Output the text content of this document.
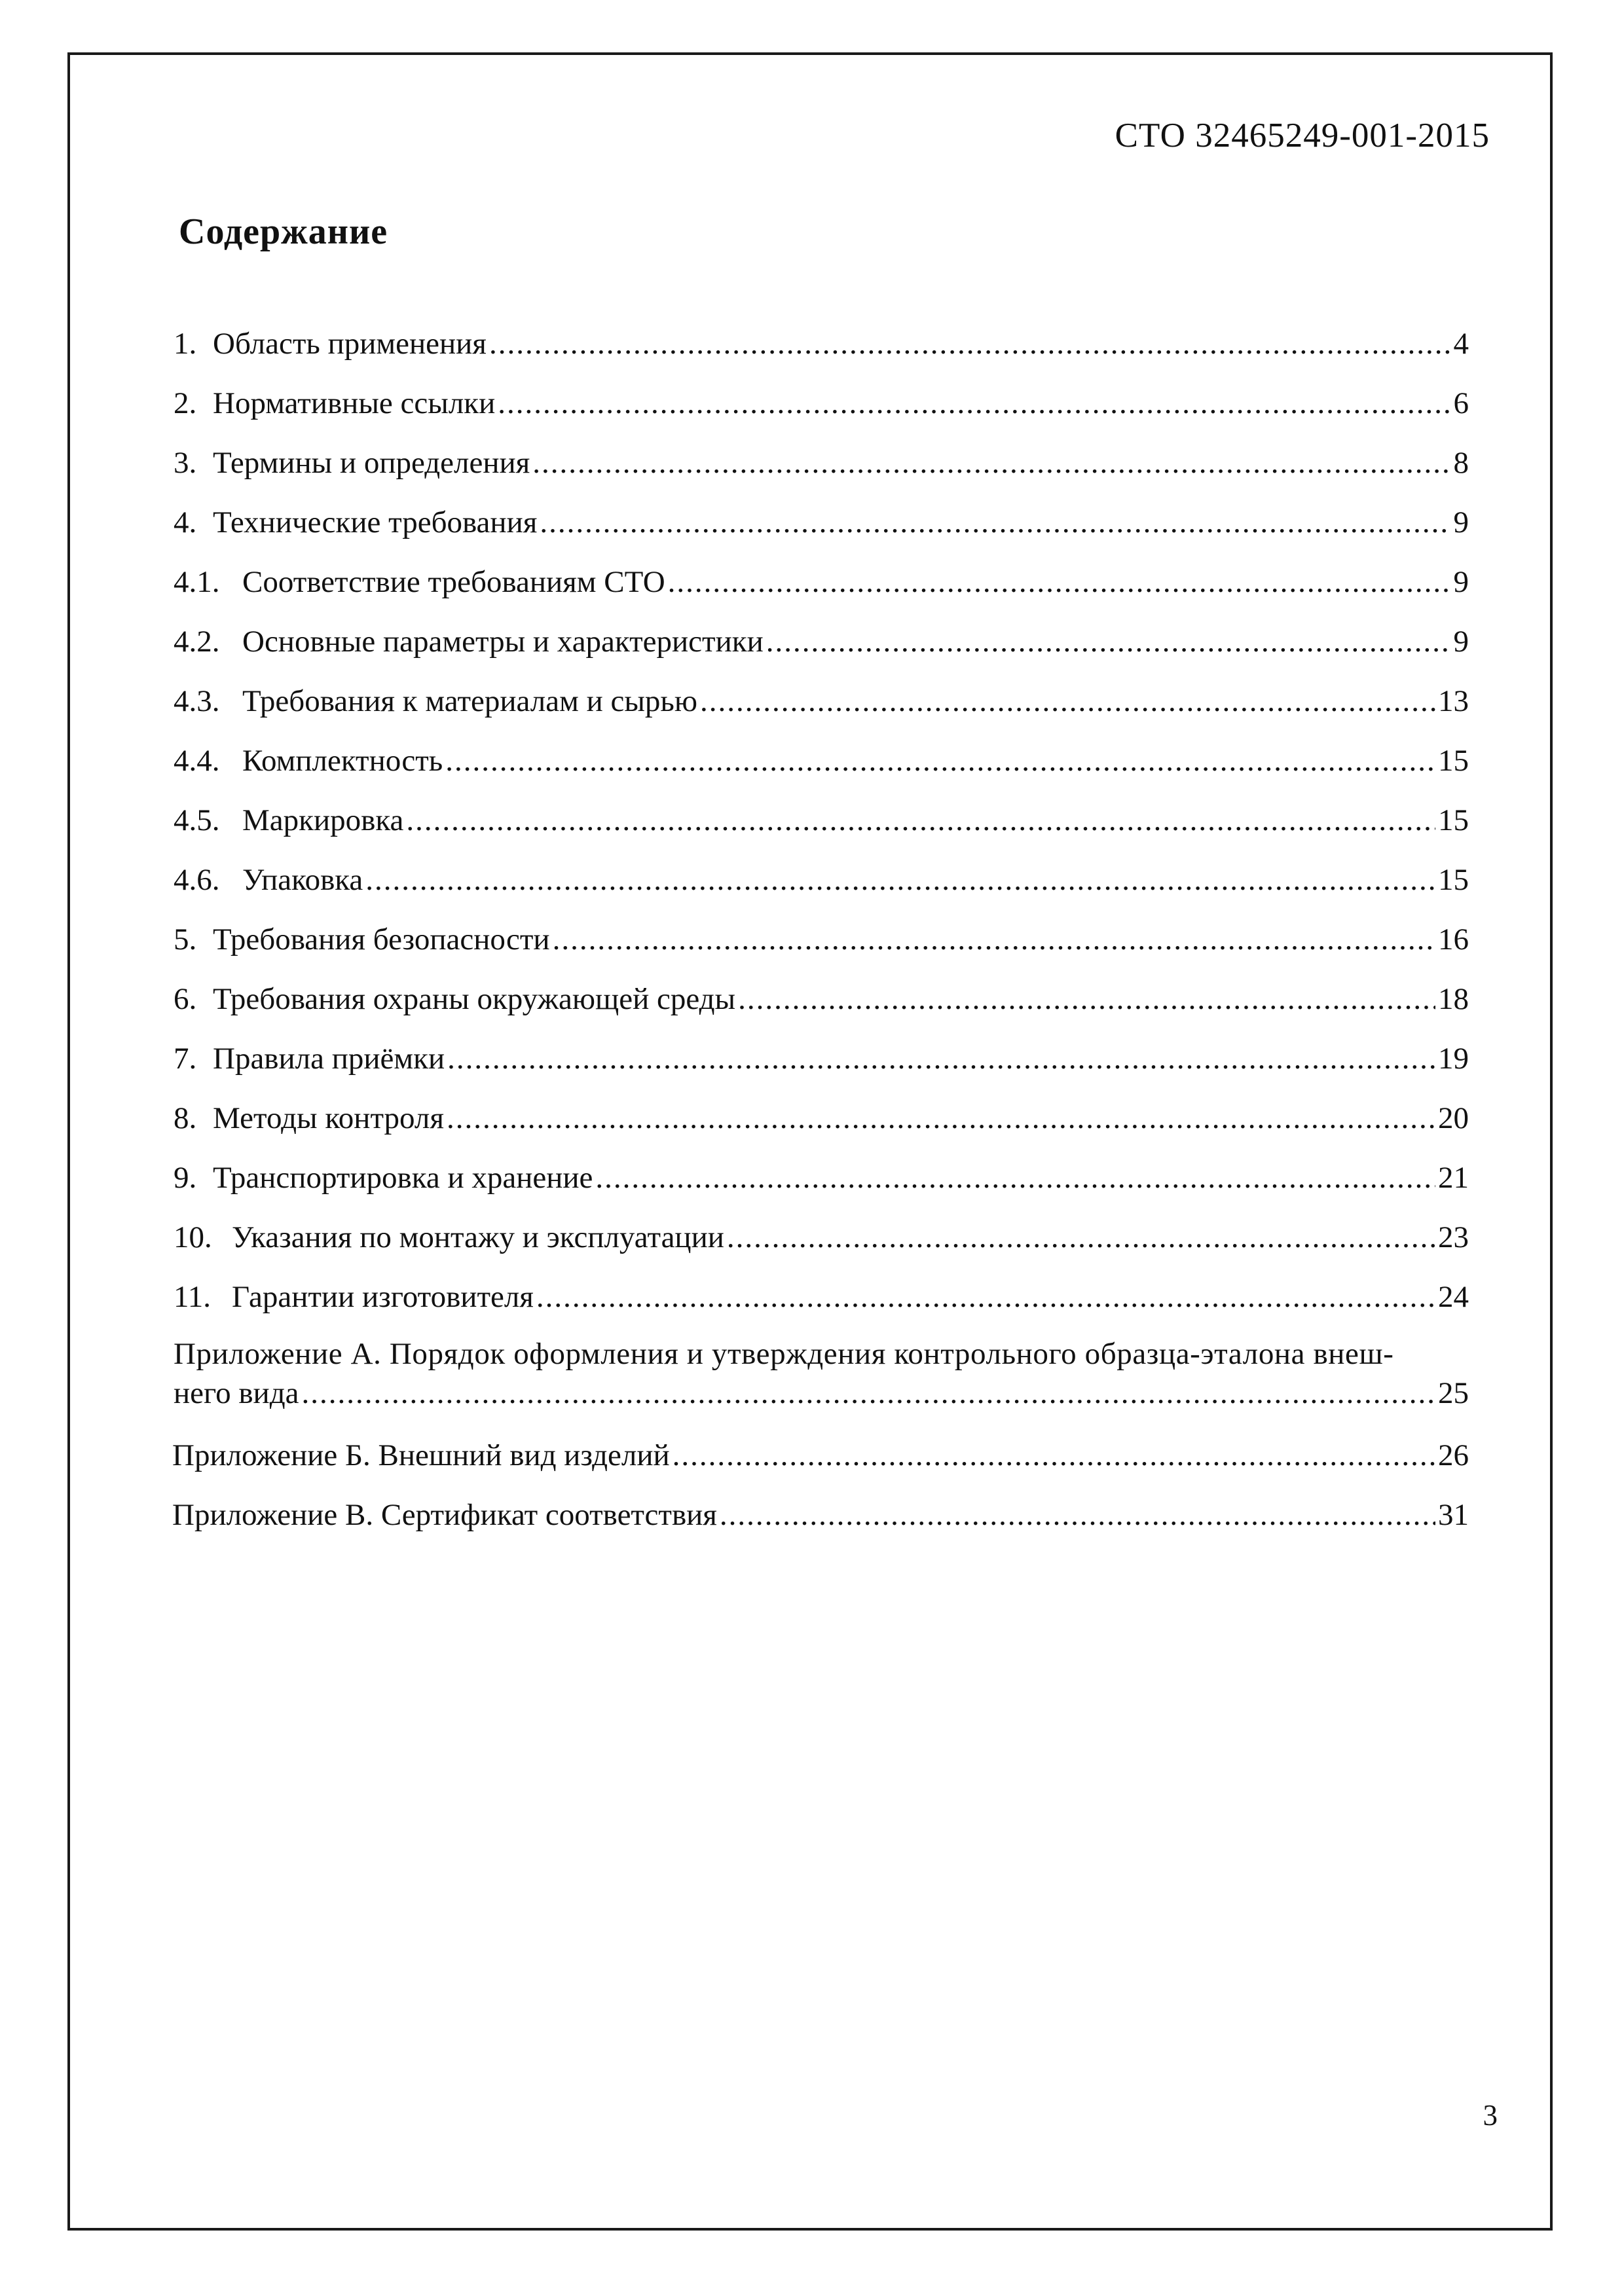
СТО 32465249-001-2015
Содержание
1. Область применения .....	4
2. Нормативные ссылки .....	6
3. Термины и определения .....	8
4. Технические требования .....	9
4.1. Соответствие требованиям СТО .....	9
4.2. Основные параметры и характеристики .....	9
4.3. Требования к материалам и сырью .....	13
4.4. Комплектность .....	15
4.5. Маркировка .....	15
4.6. Упаковка .....	15
5. Требования безопасности .....	16
6. Требования охраны окружающей среды .....	18
7. Правила приёмки .....	19
8. Методы контроля .....	20
9. Транспортировка и хранение .....	21
10. Указания по монтажу и эксплуатации .....	23
11. Гарантии изготовителя .....	24
Приложение А. Порядок оформления и утверждения контрольного образца-эталона внеш-
него вида .....	25
Приложение Б. Внешний вид изделий .....	26
Приложение В. Сертификат соответствия .....	31
3
